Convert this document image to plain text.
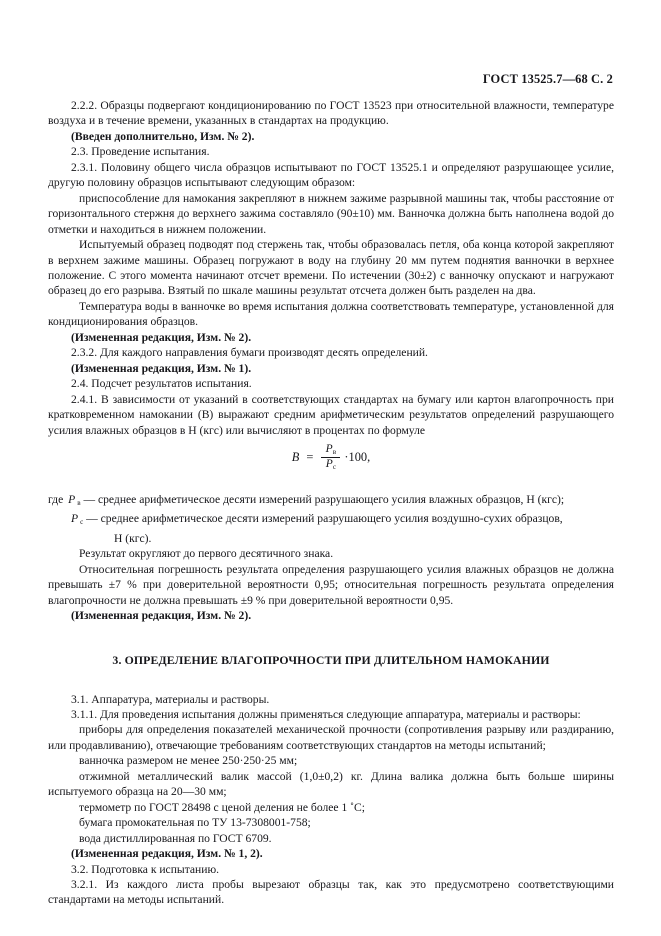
ГОСТ 13525.7—68 С. 2

2.2.2. Образцы подвергают кондиционированию по ГОСТ 13523 при относительной влажности, температуре воздуха и в течение времени, указанных в стандартах на продукцию.

(Введен дополнительно, Изм. № 2).

2.3. Проведение испытания.

2.3.1. Половину общего числа образцов испытывают по ГОСТ 13525.1 и определяют разрушающее усилие, другую половину образцов испытывают следующим образом:

приспособление для намокания закрепляют в нижнем зажиме разрывной машины так, чтобы расстояние от горизонтального стержня до верхнего зажима составляло (90±10) мм. Ванночка должна быть наполнена водой до отметки и находиться в нижнем положении.

Испытуемый образец подводят под стержень так, чтобы образовалась петля, оба конца которой закрепляют в верхнем зажиме машины. Образец погружают в воду на глубину 20 мм путем поднятия ванночки в верхнее положение. С этого момента начинают отсчет времени. По истечении (30±2) с ванночку опускают и нагружают образец до его разрыва. Взятый по шкале машины результат отсчета должен быть разделен на два.

Температура воды в ванночке во время испытания должна соответствовать температуре, установленной для кондиционирования образцов.

(Измененная редакция, Изм. № 2).

2.3.2. Для каждого направления бумаги производят десять определений.

(Измененная редакция, Изм. № 1).

2.4. Подсчет результатов испытания.

2.4.1. В зависимости от указаний в соответствующих стандартах на бумагу или картон влагопрочность при кратковременном намокании (B) выражают средним арифметическим результатов определений разрушающего усилия влажных образцов в Н (кгс) или вычисляют в процентах по формуле

$B = \frac{P_в}{P_с} \cdot 100$,
где P $_в$ — среднее арифметическое десяти измерений разрушающего усилия влажных образцов, Н (кгс);
P $_с$ — среднее арифметическое десяти измерений разрушающего усилия воздушно-сухих образцов,
Н (кгс).

Результат округляют до первого десятичного знака.

Относительная погрешность результата определения разрушающего усилия влажных образцов не должна превышать ±7 % при доверительной вероятности 0,95; относительная погрешность результата определения влагопрочности не должна превышать ±9 % при доверительной вероятности 0,95.

(Измененная редакция, Изм. № 2).

3. ОПРЕДЕЛЕНИЕ ВЛАГОПРОЧНОСТИ ПРИ ДЛИТЕЛЬНОМ НАМОКАНИИ

3.1. Аппаратура, материалы и растворы.

3.1.1. Для проведения испытания должны применяться следующие аппаратура, материалы и растворы:

приборы для определения показателей механической прочности (сопротивления разрыву или раздиранию, или продавливанию), отвечающие требованиям соответствующих стандартов на методы испытаний;

ванночка размером не менее 250·250·25 мм;

отжимной металлический валик массой (1,0±0,2) кг. Длина валика должна быть больше ширины испытуемого образца на 20—30 мм;

термометр по ГОСТ 28498 с ценой деления не более 1 ˚С;

бумага промокательная по ТУ 13-7308001-758;

вода дистиллированная по ГОСТ 6709.

(Измененная редакция, Изм. № 1, 2).

3.2. Подготовка к испытанию.

3.2.1. Из каждого листа пробы вырезают образцы так, как это предусмотрено соответствующими стандартами на методы испытаний.
